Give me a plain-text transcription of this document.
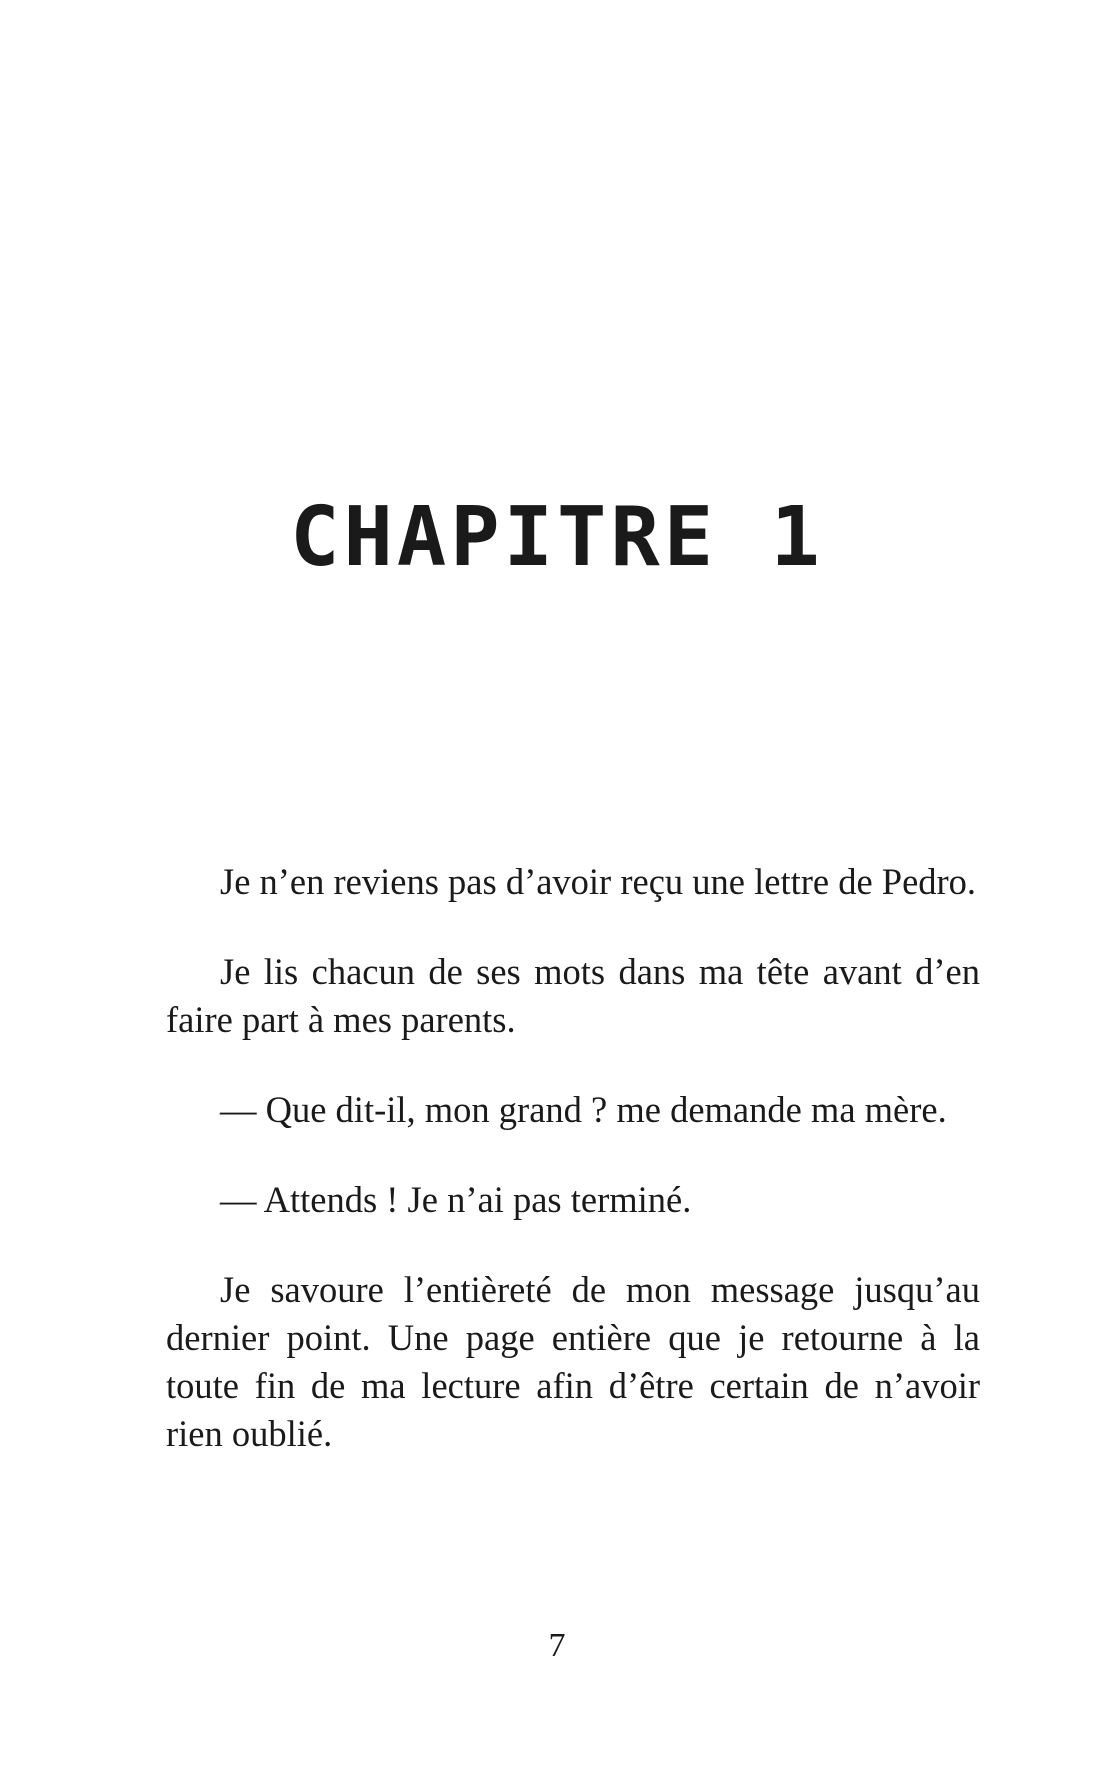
CHAPITRE 1

Je n’en reviens pas d’avoir reçu une lettre de Pedro.

Je lis chacun de ses mots dans ma tête avant d’en faire part à mes parents.

— Que dit-il, mon grand ? me demande ma mère.

— Attends ! Je n’ai pas terminé.

Je savoure l’entièreté de mon message jusqu’au dernier point. Une page entière que je retourne à la toute fin de ma lecture afin d’être certain de n’avoir rien oublié.

7
